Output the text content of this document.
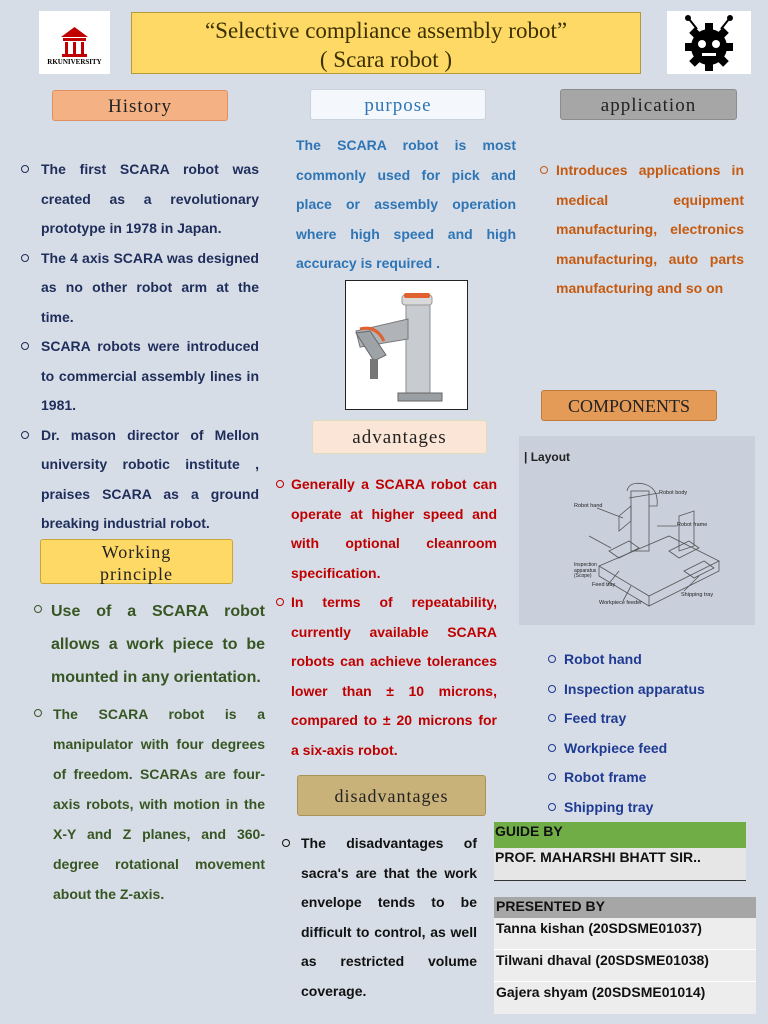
RKUNIVERSITY
“Selective compliance assembly robot”
( Scara robot )
History	purpose	application
The first SCARA robot was created as a revolutionary prototype in 1978 in Japan.
The 4 axis SCARA was designed as no other robot arm at the time.
SCARA robots were introduced to commercial assembly lines in 1981.
Dr. mason director of Mellon university robotic institute , praises SCARA as a ground breaking industrial robot.
Working principle
Use of a SCARA robot allows a work piece to be mounted in any orientation.
The SCARA robot is a manipulator with four degrees of freedom. SCARAs are four-axis robots, with motion in the X-Y and Z planes, and 360-degree rotational movement about the Z-axis.
The SCARA robot is most commonly used for pick and place or assembly operation where high speed and high accuracy is required .
advantages
Generally a SCARA robot can operate at higher speed and with optional cleanroom specification.
In terms of repeatability, currently available SCARA robots can achieve tolerances lower than ± 10 microns, compared to ± 20 microns for a six-axis robot.
disadvantages
The disadvantages of sacra's are that the work envelope tends to be difficult to control, as well as restricted volume coverage.
Introduces applications in medical equipment manufacturing, electronics manufacturing, auto parts manufacturing and so on
COMPONENTS
| Layout
Robot body
Robot hand
Robot frame
Inspection apparatus (Scope)
Feed tray
Workpiece feeder
Shipping tray
Robot hand
Inspection apparatus
Feed tray
Workpiece feed
Robot frame
Shipping tray
GUIDE BY
PROF. MAHARSHI BHATT SIR..
PRESENTED BY
Tanna kishan (20SDSME01037)
Tilwani dhaval (20SDSME01038)
Gajera shyam (20SDSME01014)
